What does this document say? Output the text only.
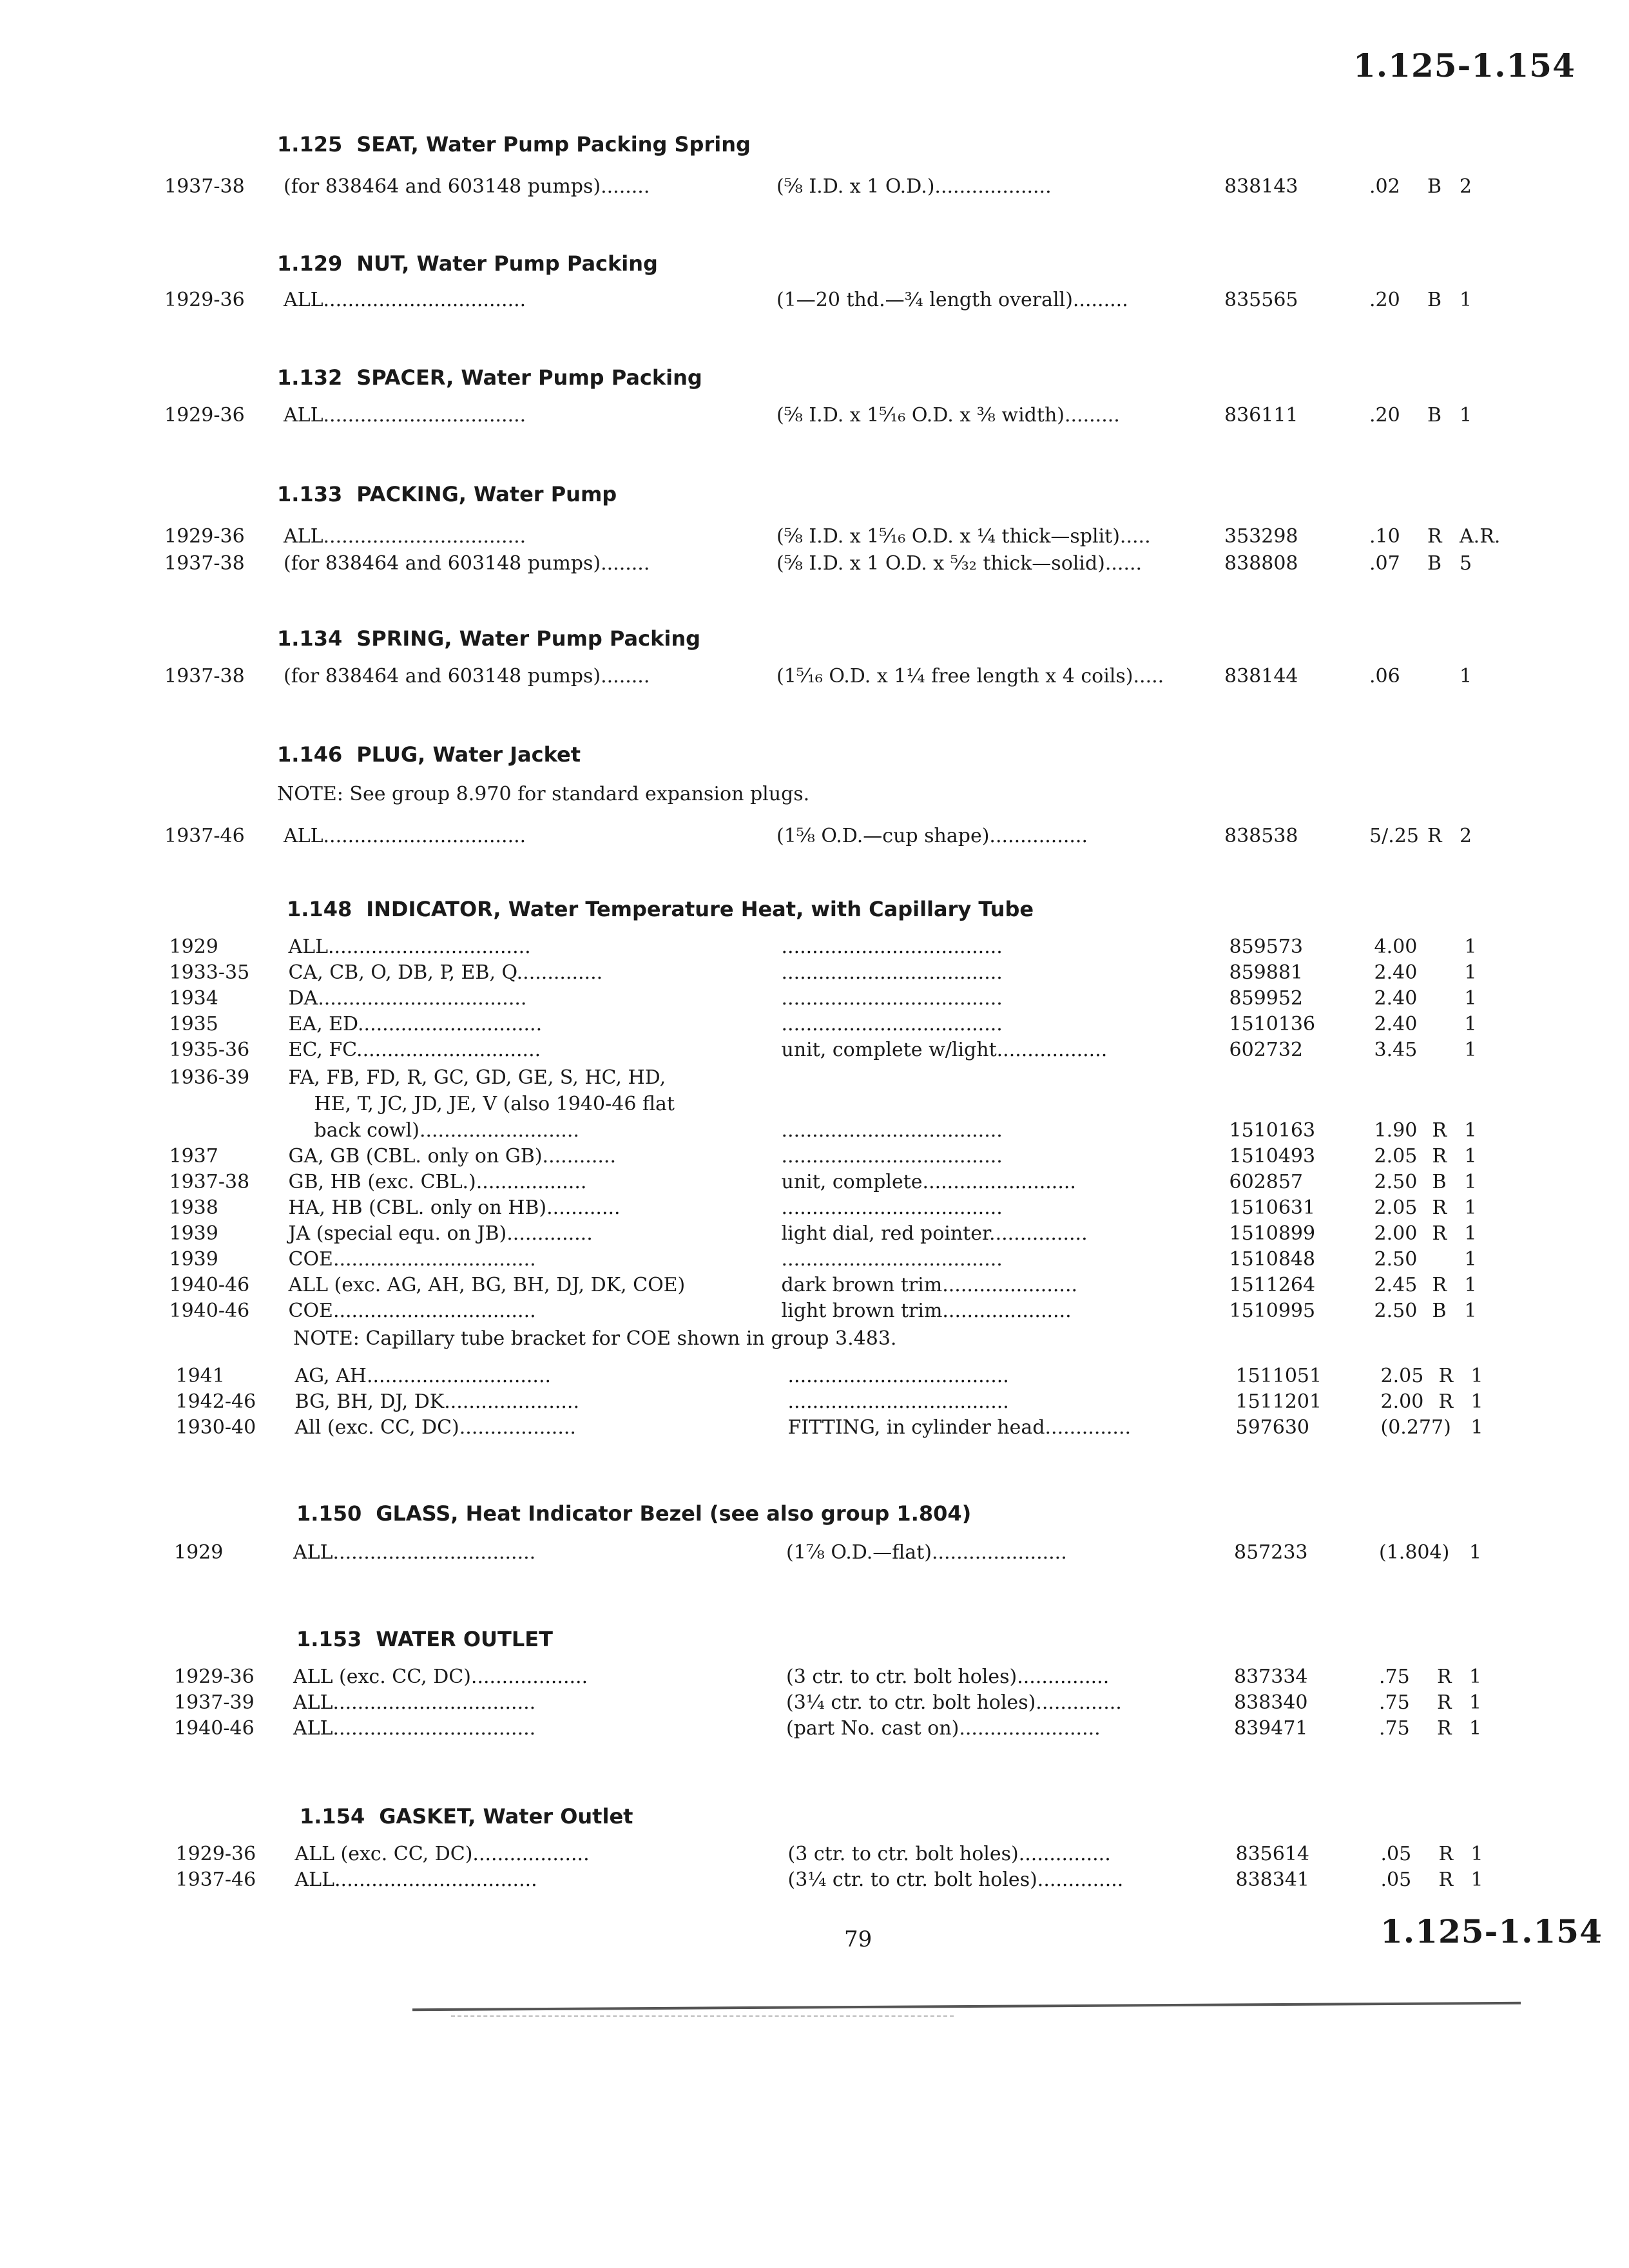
1.125-1.154
1.125 SEAT, Water Pump Packing Spring
1937-38 (for 838464 and 603148 pumps)........	(⅝ I.D. x 1 O.D.)...................	838143	.02 B 2
1.129 NUT, Water Pump Packing
1929-36 ALL.................................	(1—20 thd.—¾ length overall).........	835565	.20 B 1
1.132 SPACER, Water Pump Packing
1929-36 ALL.................................	(⅝ I.D. x 1⁵⁄₁₆ O.D. x ⅜ width).........	836111	.20 B 1
1.133 PACKING, Water Pump
1929-36 ALL.................................	(⅝ I.D. x 1⁵⁄₁₆ O.D. x ¼ thick—split).....	353298	.10 R A.R.
1937-38 (for 838464 and 603148 pumps)........	(⅝ I.D. x 1 O.D. x ⁵⁄₃₂ thick—solid)......	838808	.07 B 5
1.134 SPRING, Water Pump Packing
1937-38 (for 838464 and 603148 pumps)........	(1⁵⁄₁₆ O.D. x 1¼ free length x 4 coils).....	838144	.06	1
1.146 PLUG, Water Jacket
NOTE: See group 8.970 for standard expansion plugs.
1937-46 ALL.................................	(1⅝ O.D.—cup shape)................	838538	5/.25 R 2
1.148 INDICATOR, Water Temperature Heat, with Capillary Tube
1929	ALL.................................	....................................	859573	4.00 1
1933-35 CA, CB, O, DB, P, EB, Q..............	....................................	859881	2.40 1
1934	DA..................................	....................................	859952	2.40 1
1935	EA, ED..............................	....................................	1510136	2.40 1
1935-36 EC, FC..............................	unit, complete w/light..................	602732	3.45 1
1936-39 FA, FB, FD, R, GC, GD, GE, S, HC, HD,
HE, T, JC, JD, JE, V (also 1940-46 flat
back cowl)..........................	....................................	1510163	1.90 R 1
1937	GA, GB (CBL. only on GB)............	....................................	1510493	2.05 R 1
1937-38 GB, HB (exc. CBL.)..................	unit, complete.........................	602857	2.50 B 1
1938	HA, HB (CBL. only on HB)............	....................................	1510631	2.05 R 1
1939	JA (special equ. on JB)..............	light dial, red pointer................	1510899	2.00 R 1
1939	COE.................................	....................................	1510848	2.50 1
1940-46 ALL (exc. AG, AH, BG, BH, DJ, DK, COE)	dark brown trim......................	1511264	2.45 R 1
1940-46 COE.................................	light brown trim.....................	1510995	2.50 B 1
NOTE: Capillary tube bracket for COE shown in group 3.483.
1941	AG, AH..............................	....................................	1511051	2.05 R 1
1942-46 BG, BH, DJ, DK......................	....................................	1511201	2.00 R 1
1930-40 All (exc. CC, DC)...................	FITTING, in cylinder head..............	597630	(0.277) 1
1.150 GLASS, Heat Indicator Bezel (see also group 1.804)
1929	ALL.................................	(1⅞ O.D.—flat)......................	857233	(1.804) 1
1.153 WATER OUTLET
1929-36 ALL (exc. CC, DC)...................	(3 ctr. to ctr. bolt holes)...............	837334	.75 R 1
1937-39 ALL.................................	(3¼ ctr. to ctr. bolt holes)..............	838340	.75 R 1
1940-46 ALL.................................	(part No. cast on).......................	839471	.75 R 1
1.154 GASKET, Water Outlet
1929-36 ALL (exc. CC, DC)...................	(3 ctr. to ctr. bolt holes)...............	835614	.05 R 1
1937-46 ALL.................................	(3¼ ctr. to ctr. bolt holes)..............	838341	.05 R 1
79	1.125-1.154
